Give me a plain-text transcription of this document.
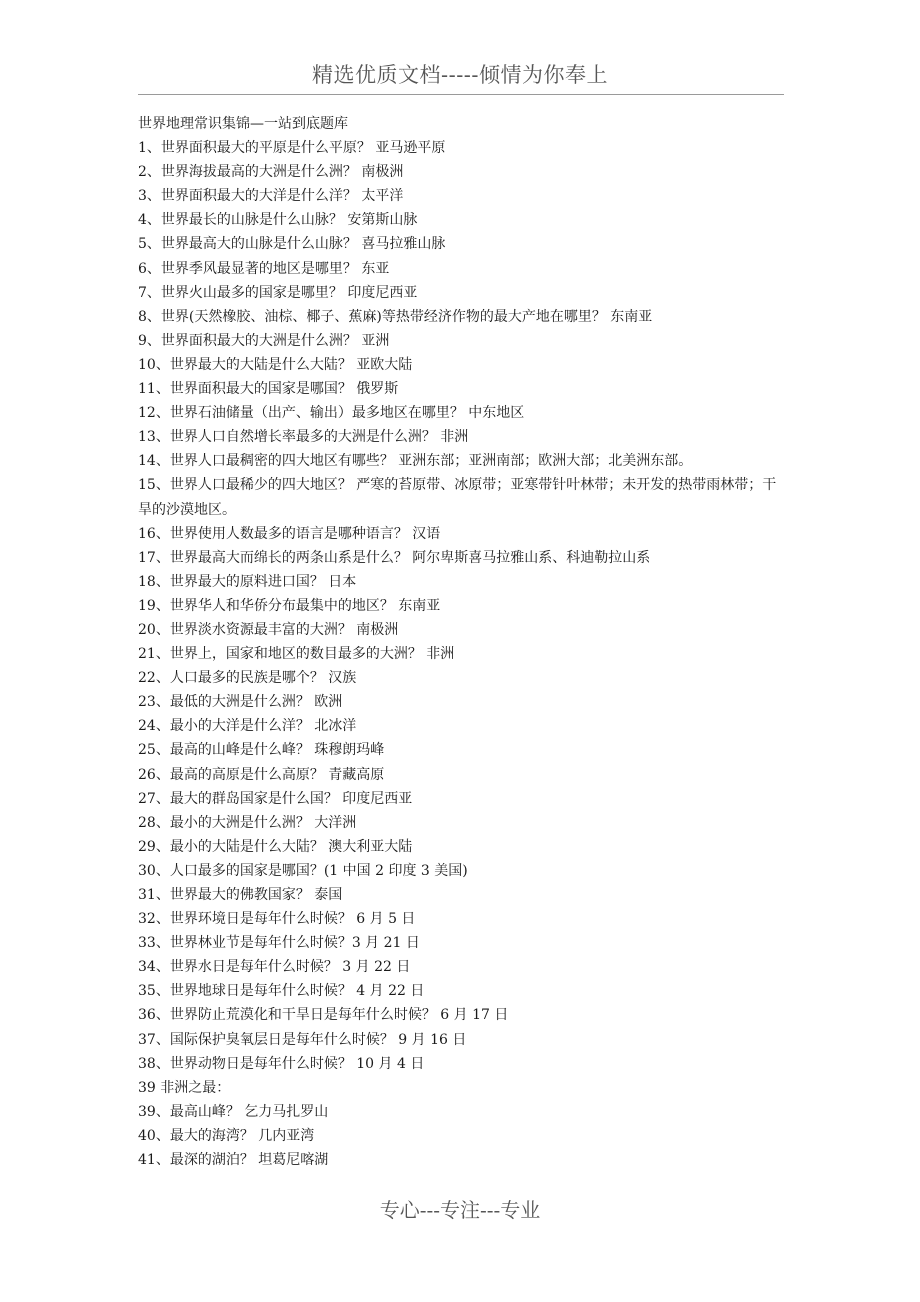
精选优质文档-----倾情为你奉上
世界地理常识集锦—一站到底题库
1、世界面积最大的平原是什么平原？ 亚马逊平原
2、世界海拔最高的大洲是什么洲？ 南极洲
3、世界面积最大的大洋是什么洋？ 太平洋
4、世界最长的山脉是什么山脉？ 安第斯山脉
5、世界最高大的山脉是什么山脉？ 喜马拉雅山脉
6、世界季风最显著的地区是哪里？ 东亚
7、世界火山最多的国家是哪里？ 印度尼西亚
8、世界(天然橡胶、油棕、椰子、蕉麻)等热带经济作物的最大产地在哪里？ 东南亚
9、世界面积最大的大洲是什么洲？ 亚洲
10、世界最大的大陆是什么大陆？ 亚欧大陆
11、世界面积最大的国家是哪国？ 俄罗斯
12、世界石油储量（出产、输出）最多地区在哪里？ 中东地区
13、世界人口自然增长率最多的大洲是什么洲？ 非洲
14、世界人口最稠密的四大地区有哪些？ 亚洲东部；亚洲南部；欧洲大部；北美洲东部。
15、世界人口最稀少的四大地区？ 严寒的苔原带、冰原带；亚寒带针叶林带；未开发的热带雨林带；干旱的沙漠地区。
16、世界使用人数最多的语言是哪种语言？ 汉语
17、世界最高大而绵长的两条山系是什么？ 阿尔卑斯喜马拉雅山系、科迪勒拉山系
18、世界最大的原料进口国？ 日本
19、世界华人和华侨分布最集中的地区？ 东南亚
20、世界淡水资源最丰富的大洲？ 南极洲
21、世界上，国家和地区的数目最多的大洲？ 非洲
22、人口最多的民族是哪个？ 汉族
23、最低的大洲是什么洲？ 欧洲
24、最小的大洋是什么洋？ 北冰洋
25、最高的山峰是什么峰？ 珠穆朗玛峰
26、最高的高原是什么高原？ 青藏高原
27、最大的群岛国家是什么国？ 印度尼西亚
28、最小的大洲是什么洲？ 大洋洲
29、最小的大陆是什么大陆？ 澳大利亚大陆
30、人口最多的国家是哪国？(1 中国 2 印度 3 美国)
31、世界最大的佛教国家？ 泰国
32、世界环境日是每年什么时候？ 6 月 5 日
33、世界林业节是每年什么时候？3 月 21 日
34、世界水日是每年什么时候？ 3 月 22 日
35、世界地球日是每年什么时候？ 4 月 22 日
36、世界防止荒漠化和干旱日是每年什么时候？ 6 月 17 日
37、国际保护臭氧层日是每年什么时候？ 9 月 16 日
38、世界动物日是每年什么时候？ 10 月 4 日
39 非洲之最：
39、最高山峰？ 乞力马扎罗山
40、最大的海湾？ 几内亚湾
41、最深的湖泊？ 坦葛尼喀湖
专心---专注---专业
